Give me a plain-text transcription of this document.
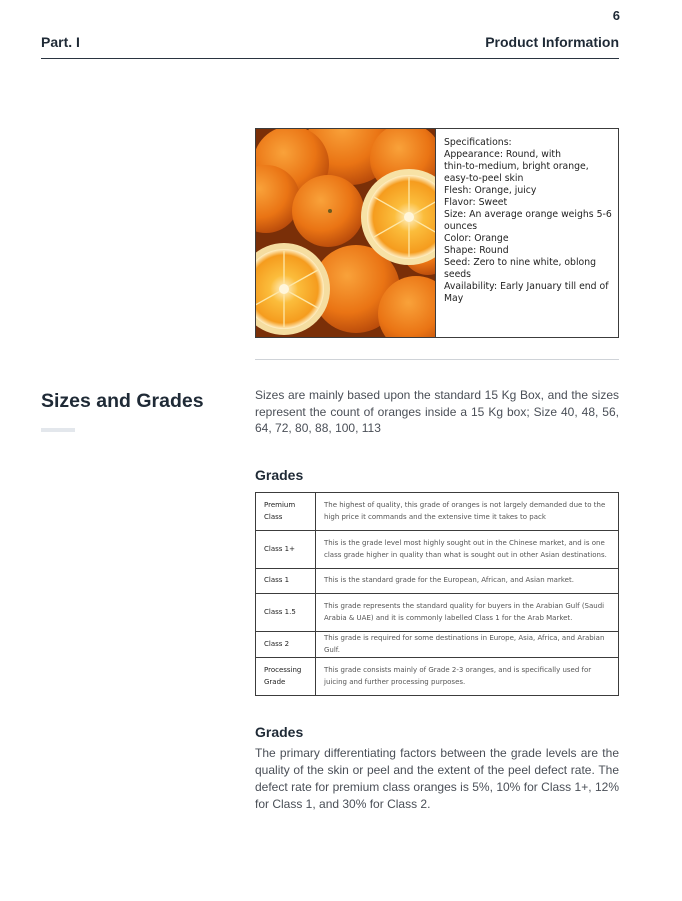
6
Part. I	Product Information
Specifications:
Appearance: Round, with
thin-to-medium, bright orange,
easy-to-peel skin
Flesh: Orange, juicy
Flavor: Sweet
Size: An average orange weighs 5-6
ounces
Color: Orange
Shape: Round
Seed: Zero to nine white, oblong
seeds
Availability: Early January till end of
May
Sizes and Grades	Sizes are mainly based upon the standard 15 Kg Box, and the sizes represent the count of oranges inside a 15 Kg box; Size 40, 48, 56, 64, 72, 80, 88, 100, 113

Grades
Premium Class	The highest of quality, this grade of oranges is not largely demanded due to the high price it commands and the extensive time it takes to pack
Class 1+	This is the grade level most highly sought out in the Chinese market, and is one class grade higher in quality than what is sought out in other Asian destinations.
Class 1	This is the standard grade for the European, African, and Asian market.
Class 1.5	This grade represents the standard quality for buyers in the Arabian Gulf (Saudi Arabia & UAE) and it is commonly labelled Class 1 for the Arab Market.
Class 2	This grade is required for some destinations in Europe, Asia, Africa, and Arabian Gulf.
Processing Grade	This grade consists mainly of Grade 2-3 oranges, and is specifically used for juicing and further processing purposes.
Grades

The primary differentiating factors between the grade levels are the quality of the skin or peel and the extent of the peel defect rate. The defect rate for premium class oranges is 5%, 10% for Class 1+, 12% for Class 1, and 30% for Class 2.
